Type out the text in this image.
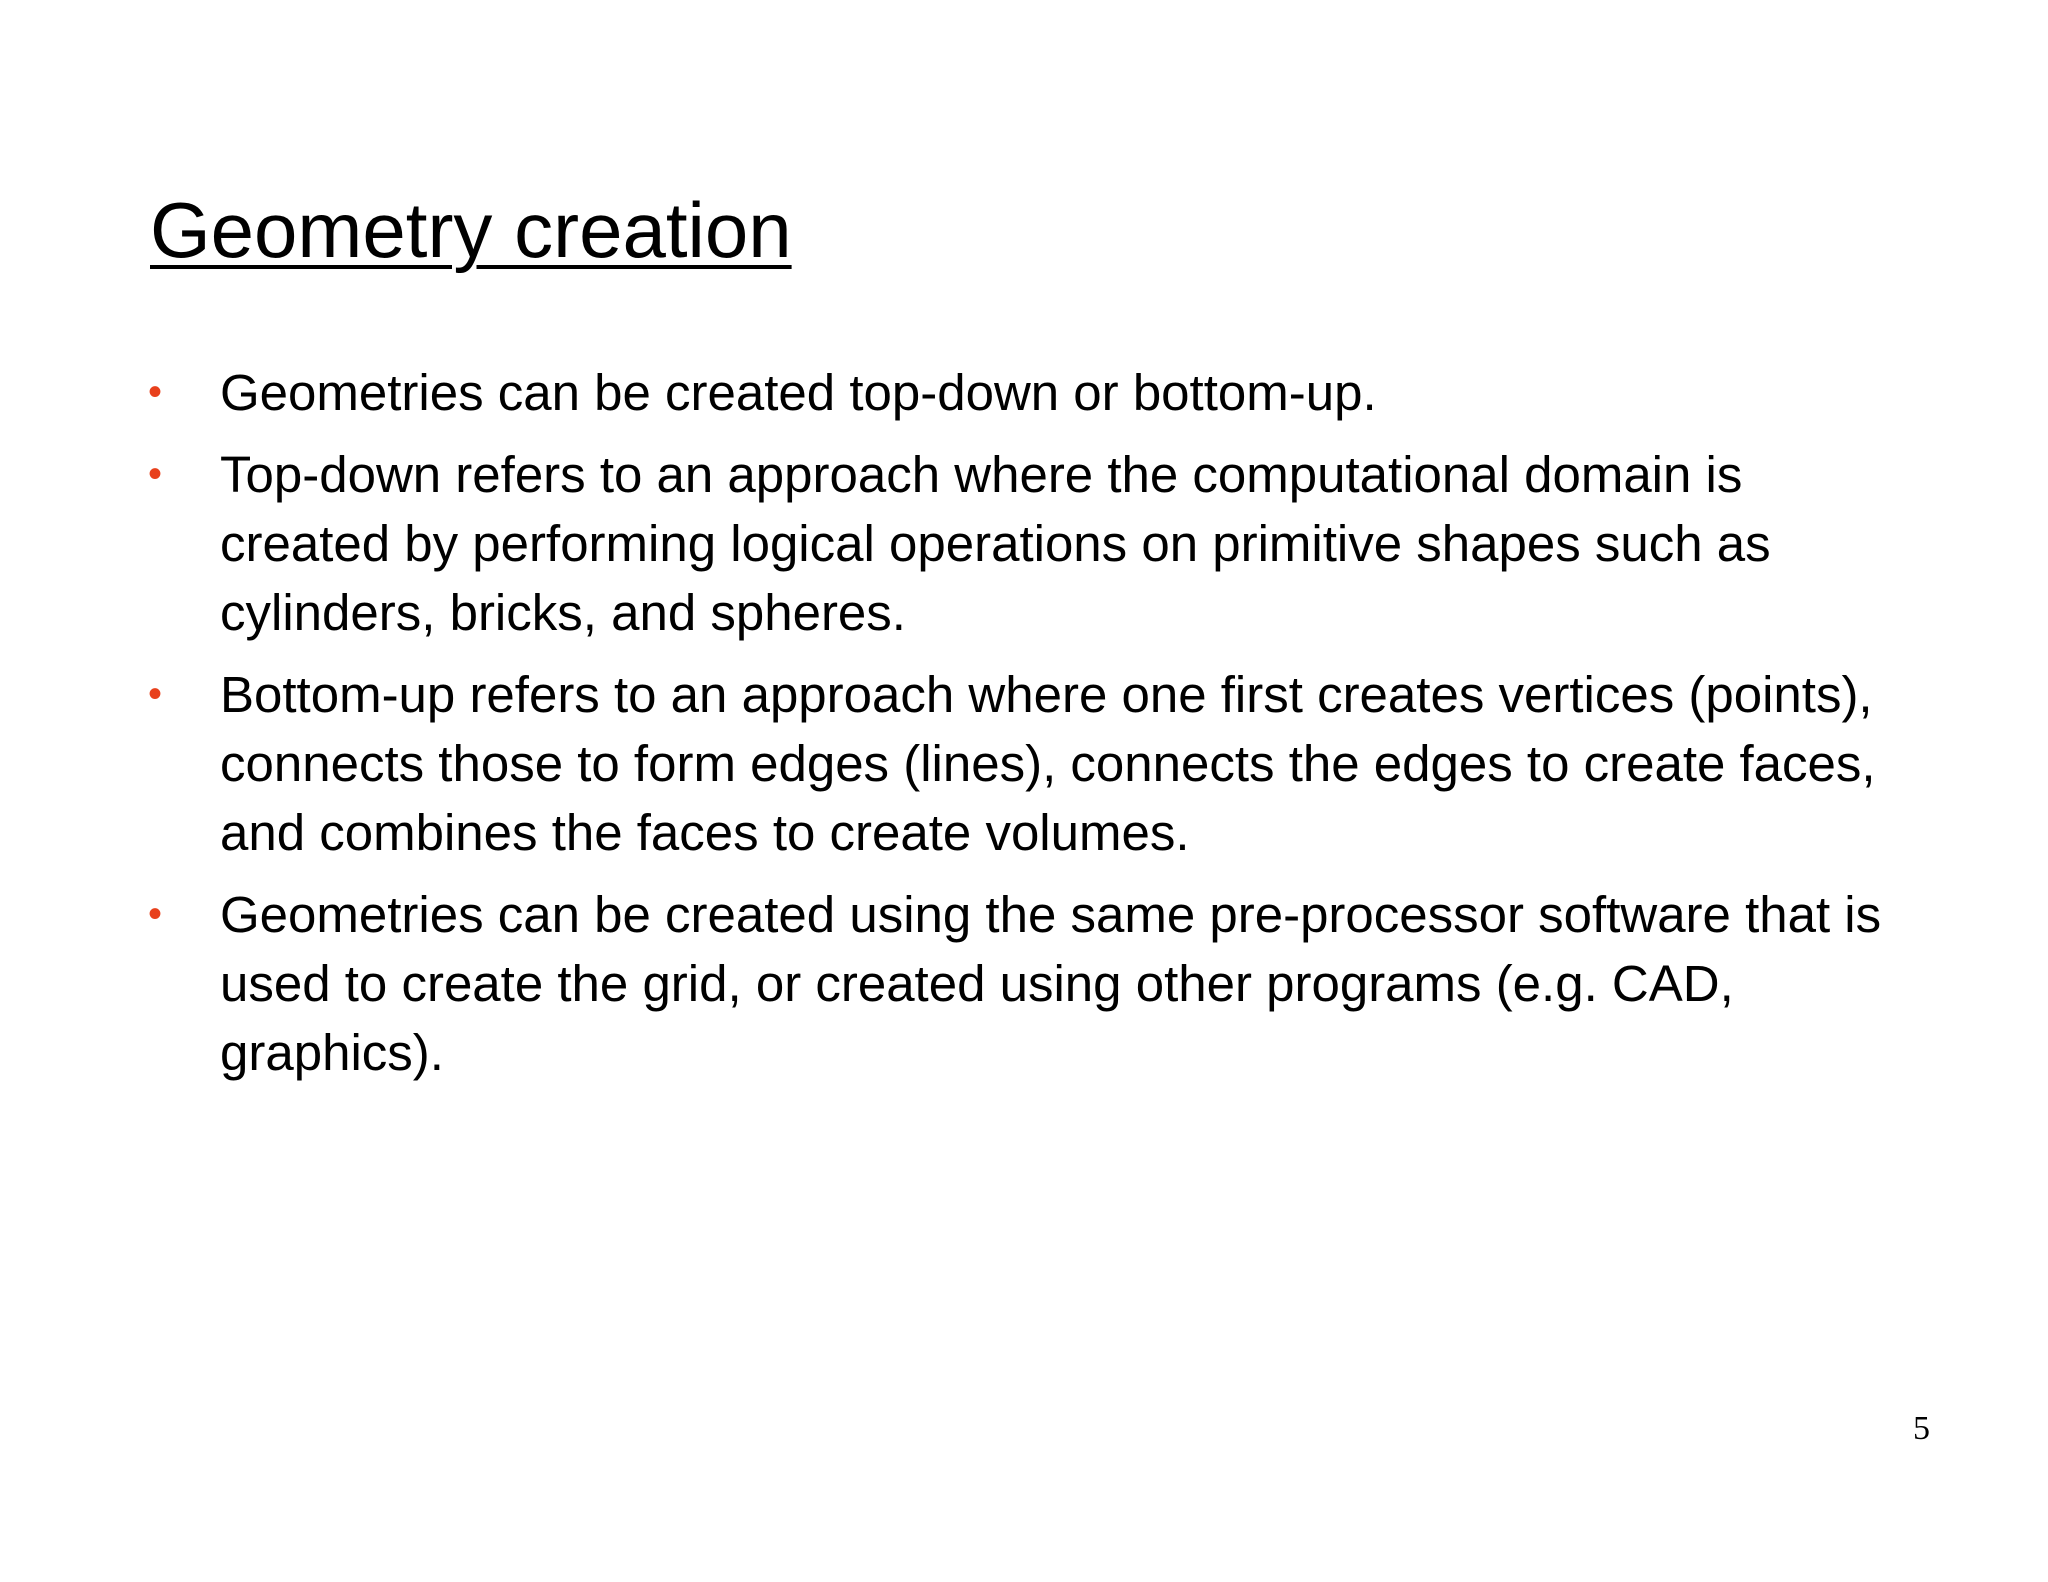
Geometry creation
• Geometries can be created top-down or bottom-up.
• Top-down refers to an approach where the computational domain is created by performing logical operations on primitive shapes such as cylinders, bricks, and spheres.
• Bottom-up refers to an approach where one first creates vertices (points), connects those to form edges (lines), connects the edges to create faces, and combines the faces to create volumes.
• Geometries can be created using the same pre-processor software that is used to create the grid, or created using other programs (e.g. CAD, graphics).
5
